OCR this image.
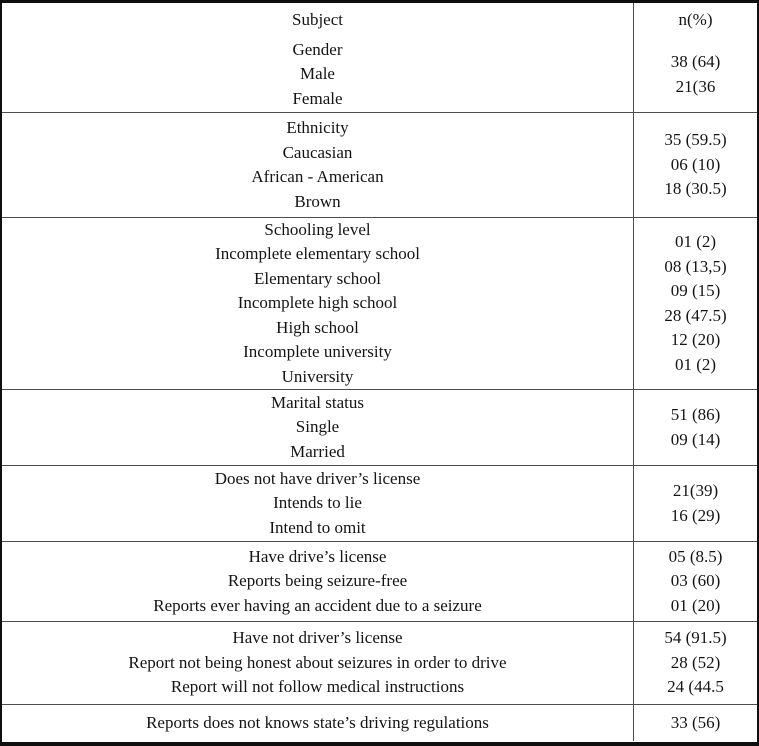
Subject	n(%)
Gender
Male
Female
38 (64)
21(36
Ethnicity
Caucasian
African - American
Brown
35 (59.5)
06 (10)
18 (30.5)
Schooling level
Incomplete elementary school
Elementary school
Incomplete high school
High school
Incomplete university
University
01 (2)
08 (13,5)
09 (15)
28 (47.5)
12 (20)
01 (2)
Marital status
Single
Married
51 (86)
09 (14)
Does not have driver’s license
Intends to lie
Intend to omit
21(39)
16 (29)
Have drive’s license
Reports being seizure-free
Reports ever having an accident due to a seizure
05 (8.5)
03 (60)
01 (20)
Have not driver’s license
Report not being honest about seizures in order to drive
Report will not follow medical instructions
54 (91.5)
28 (52)
24 (44.5
Reports does not knows state’s driving regulations	33 (56)
